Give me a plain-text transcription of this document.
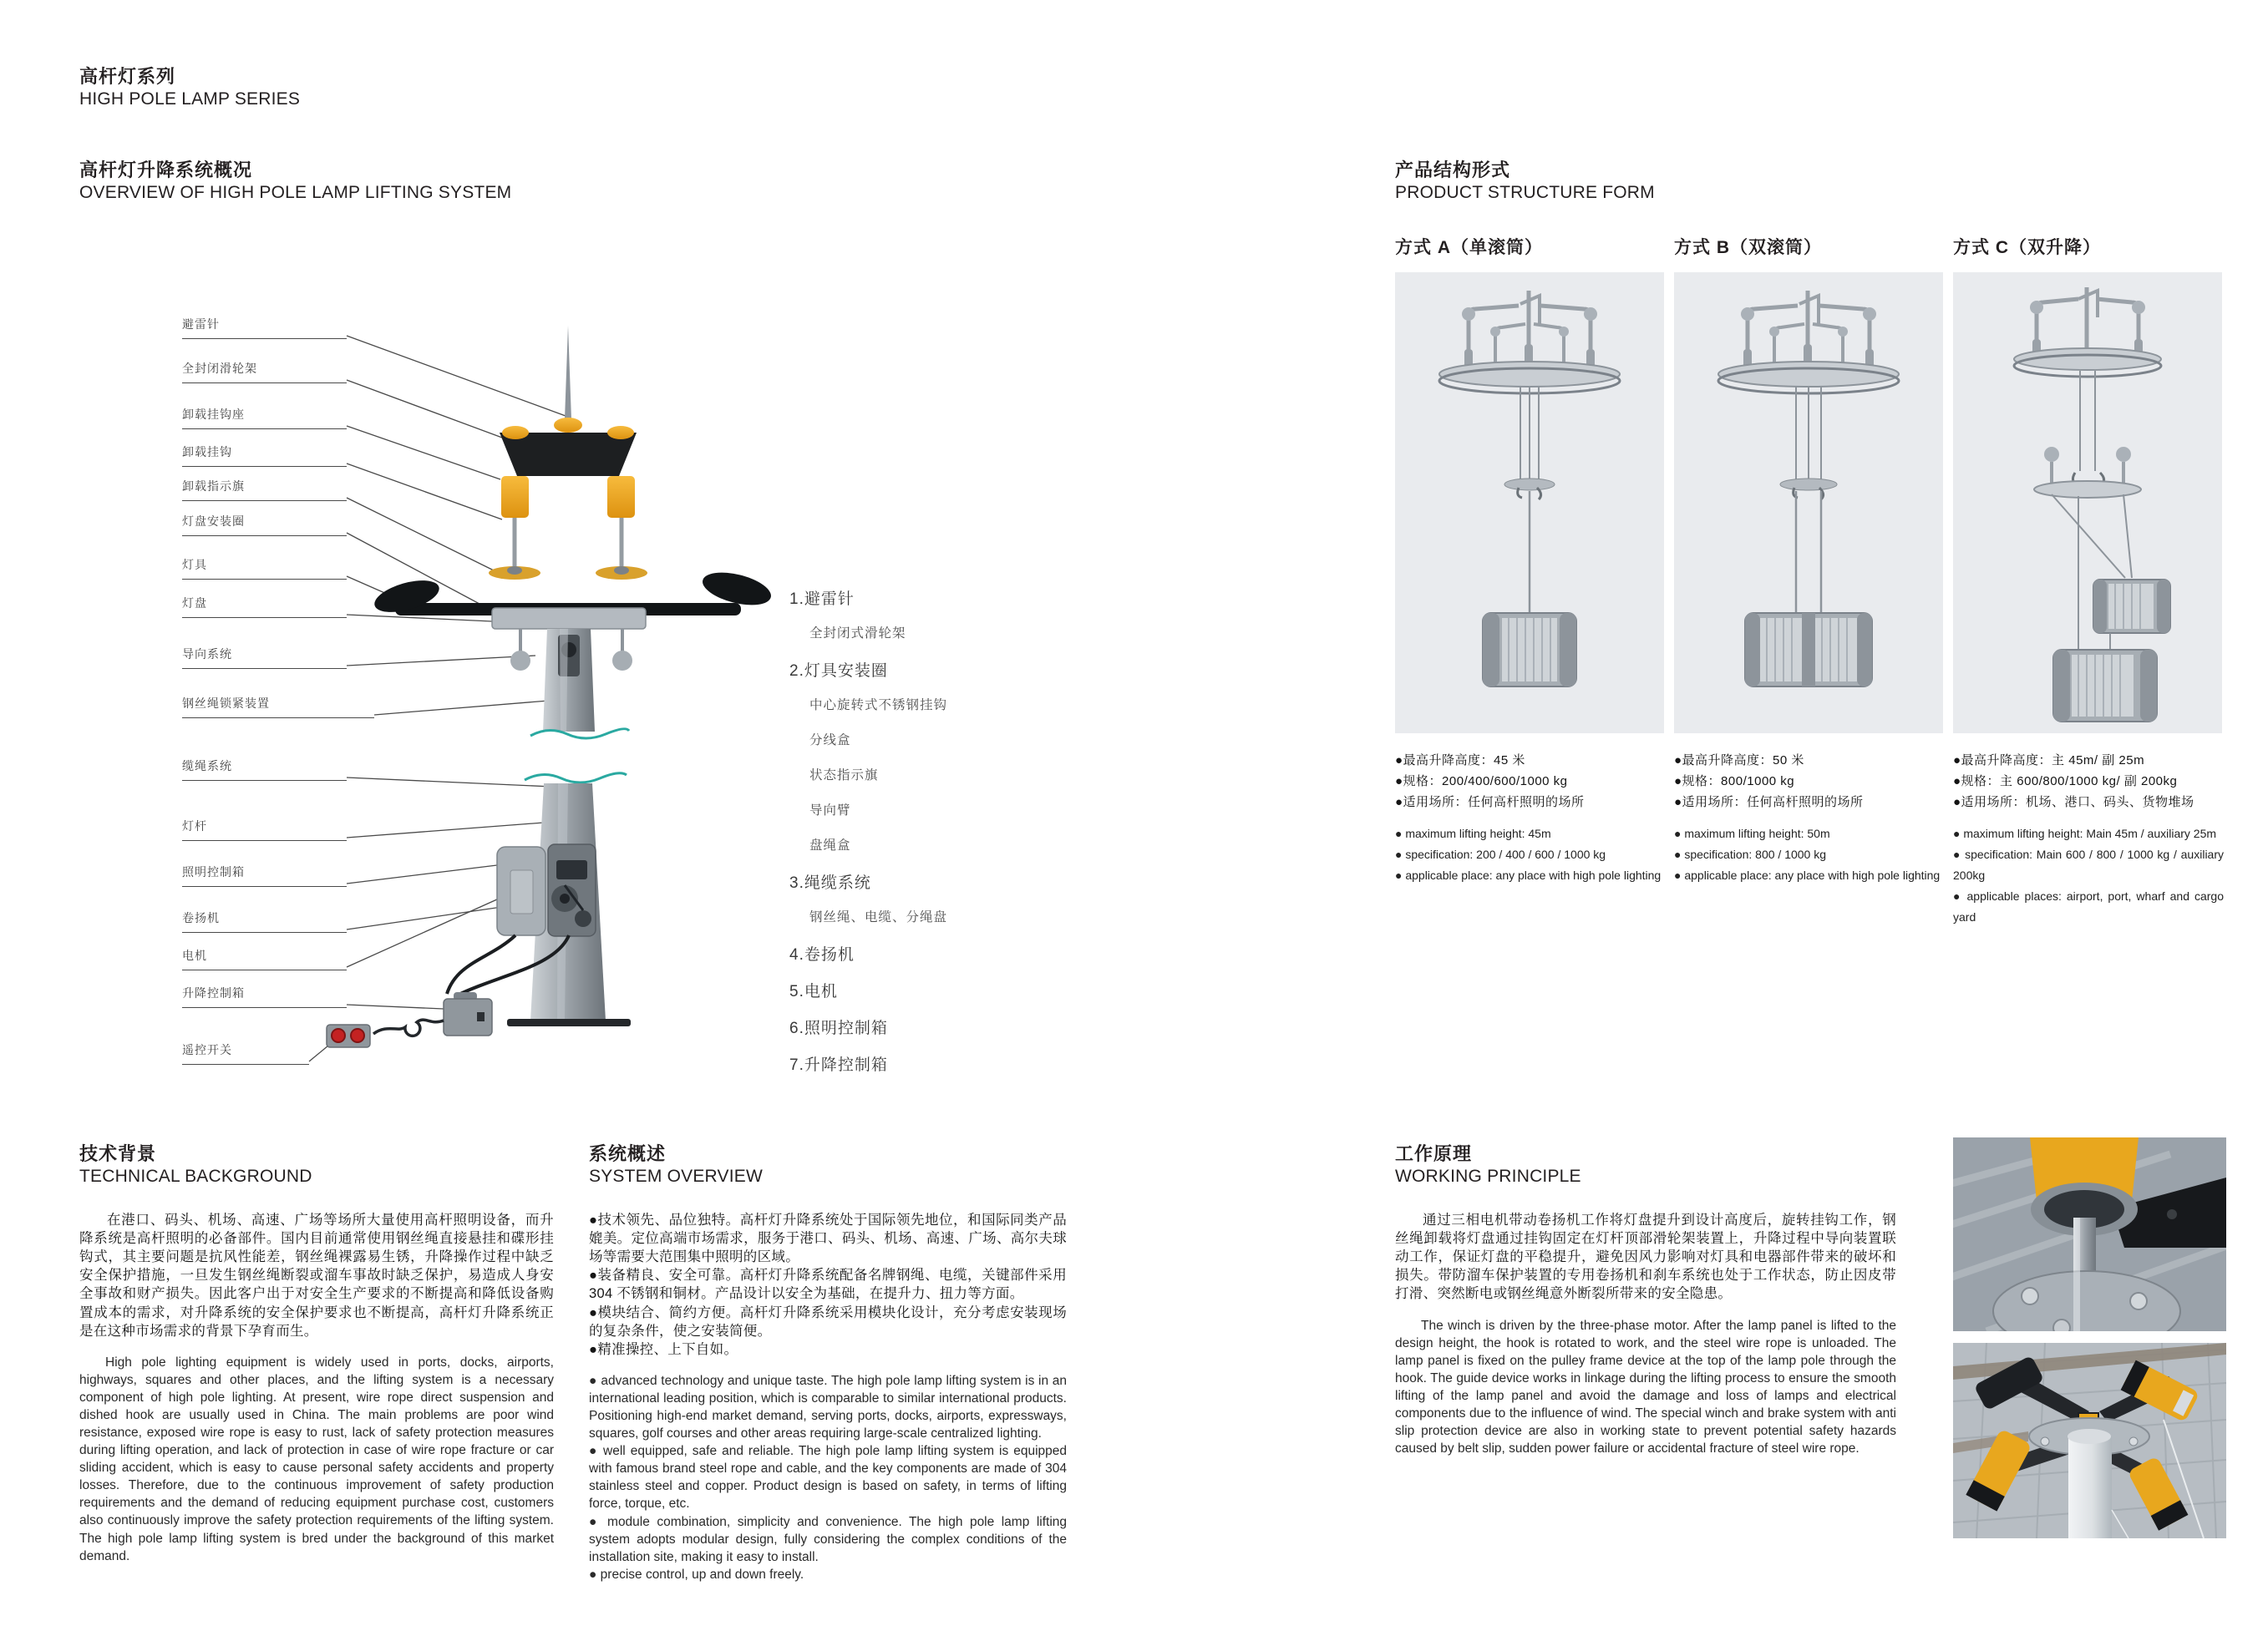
高杆灯系列
HIGH POLE LAMP SERIES
高杆灯升降系统概况
OVERVIEW OF HIGH POLE LAMP LIFTING SYSTEM
避雷针
全封闭滑轮架
卸载挂钩座
卸载挂钩
卸载指示旗
灯盘安装圈
灯具
灯盘
导向系统
钢丝绳锁紧装置
缆绳系统
灯杆
照明控制箱
卷扬机
电机
升降控制箱
遥控开关
1.避雷针
全封闭式滑轮架
2.灯具安装圈
中心旋转式不锈钢挂钩
分线盒
状态指示旗
导向臂
盘绳盒
3.绳缆系统
钢丝绳、电缆、分绳盘
4.卷扬机
5.电机
6.照明控制箱
7.升降控制箱
产品结构形式
PRODUCT STRUCTURE FORM
方式 A（单滚筒）
●最高升降高度：45 米
●规格：200/400/600/1000 kg
●适用场所：任何高杆照明的场所
● maximum lifting height: 45m
● specification: 200 / 400 / 600 / 1000 kg
● applicable place: any place with high pole lighting
方式 B（双滚筒）
●最高升降高度：50 米
●规格：800/1000 kg
●适用场所：任何高杆照明的场所
● maximum lifting height: 50m
● specification: 800 / 1000 kg
● applicable place: any place with high pole lighting
方式 C（双升降）
●最高升降高度：主 45m/ 副 25m
●规格：主 600/800/1000 kg/ 副 200kg
●适用场所：机场、港口、码头、货物堆场
● maximum lifting height: Main 45m / auxiliary 25m
● specification: Main 600 / 800 / 1000 kg / auxiliary 200kg
● applicable places: airport, port, wharf and cargo yard
技术背景
TECHNICAL BACKGROUND

在港口、码头、机场、高速、广场等场所大量使用高杆照明设备，而升降系统是高杆照明的必备部件。国内目前通常使用钢丝绳直接悬挂和碟形挂钩式，其主要问题是抗风性能差，钢丝绳裸露易生锈，升降操作过程中缺乏安全保护措施，一旦发生钢丝绳断裂或溜车事故时缺乏保护，易造成人身安全事故和财产损失。因此客户出于对安全生产要求的不断提高和降低设备购置成本的需求，对升降系统的安全保护要求也不断提高，高杆灯升降系统正是在这种市场需求的背景下孕育而生。

High pole lighting equipment is widely used in ports, docks, airports, highways, squares and other places, and the lifting system is a necessary component of high pole lighting. At present, wire rope direct suspension and dished hook are usually used in China. The main problems are poor wind resistance, exposed wire rope is easy to rust, lack of safety protection measures during lifting operation, and lack of protection in case of wire rope fracture or car sliding accident, which is easy to cause personal safety accidents and property losses. Therefore, due to the continuous improvement of safety production requirements and the demand of reducing equipment purchase cost, customers also continuously improve the safety protection requirements of the lifting system. The high pole lamp lifting system is bred under the background of this market demand.

系统概述
SYSTEM OVERVIEW
●技术领先、品位独特。高杆灯升降系统处于国际领先地位，和国际同类产品媲美。定位高端市场需求，服务于港口、码头、机场、高速、广场、高尔夫球场等需要大范围集中照明的区域。
●装备精良、安全可靠。高杆灯升降系统配备名牌钢绳、电缆，关键部件采用 304 不锈钢和铜材。产品设计以安全为基础，在提升力、扭力等方面。
●模块结合、简约方便。高杆灯升降系统采用模块化设计，充分考虑安装现场的复杂条件，使之安装简便。
●精准操控、上下自如。
● advanced technology and unique taste. The high pole lamp lifting system is in an international leading position, which is comparable to similar international products. Positioning high-end market demand, serving ports, docks, airports, expressways, squares, golf courses and other areas requiring large-scale centralized lighting.
● well equipped, safe and reliable. The high pole lamp lifting system is equipped with famous brand steel rope and cable, and the key components are made of 304 stainless steel and copper. Product design is based on safety, in terms of lifting force, torque, etc.
● module combination, simplicity and convenience. The high pole lamp lifting system adopts modular design, fully considering the complex conditions of the installation site, making it easy to install.
● precise control, up and down freely.
工作原理
WORKING PRINCIPLE

通过三相电机带动卷扬机工作将灯盘提升到设计高度后，旋转挂钩工作，钢丝绳卸载将灯盘通过挂钩固定在灯杆顶部滑轮架装置上，升降过程中导向装置联动工作，保证灯盘的平稳提升，避免因风力影响对灯具和电器部件带来的破坏和损失。带防溜车保护装置的专用卷扬机和刹车系统也处于工作状态，防止因皮带打滑、突然断电或钢丝绳意外断裂所带来的安全隐患。

The winch is driven by the three-phase motor. After the lamp panel is lifted to the design height, the hook is rotated to work, and the steel wire rope is unloaded. The lamp panel is fixed on the pulley frame device at the top of the lamp pole through the hook. The guide device works in linkage during the lifting process to ensure the smooth lifting of the lamp panel and avoid the damage and loss of lamps and electrical components due to the influence of wind. The special winch and brake system with anti slip protection device are also in working state to prevent potential safety hazards caused by belt slip, sudden power failure or accidental fracture of steel wire rope.
